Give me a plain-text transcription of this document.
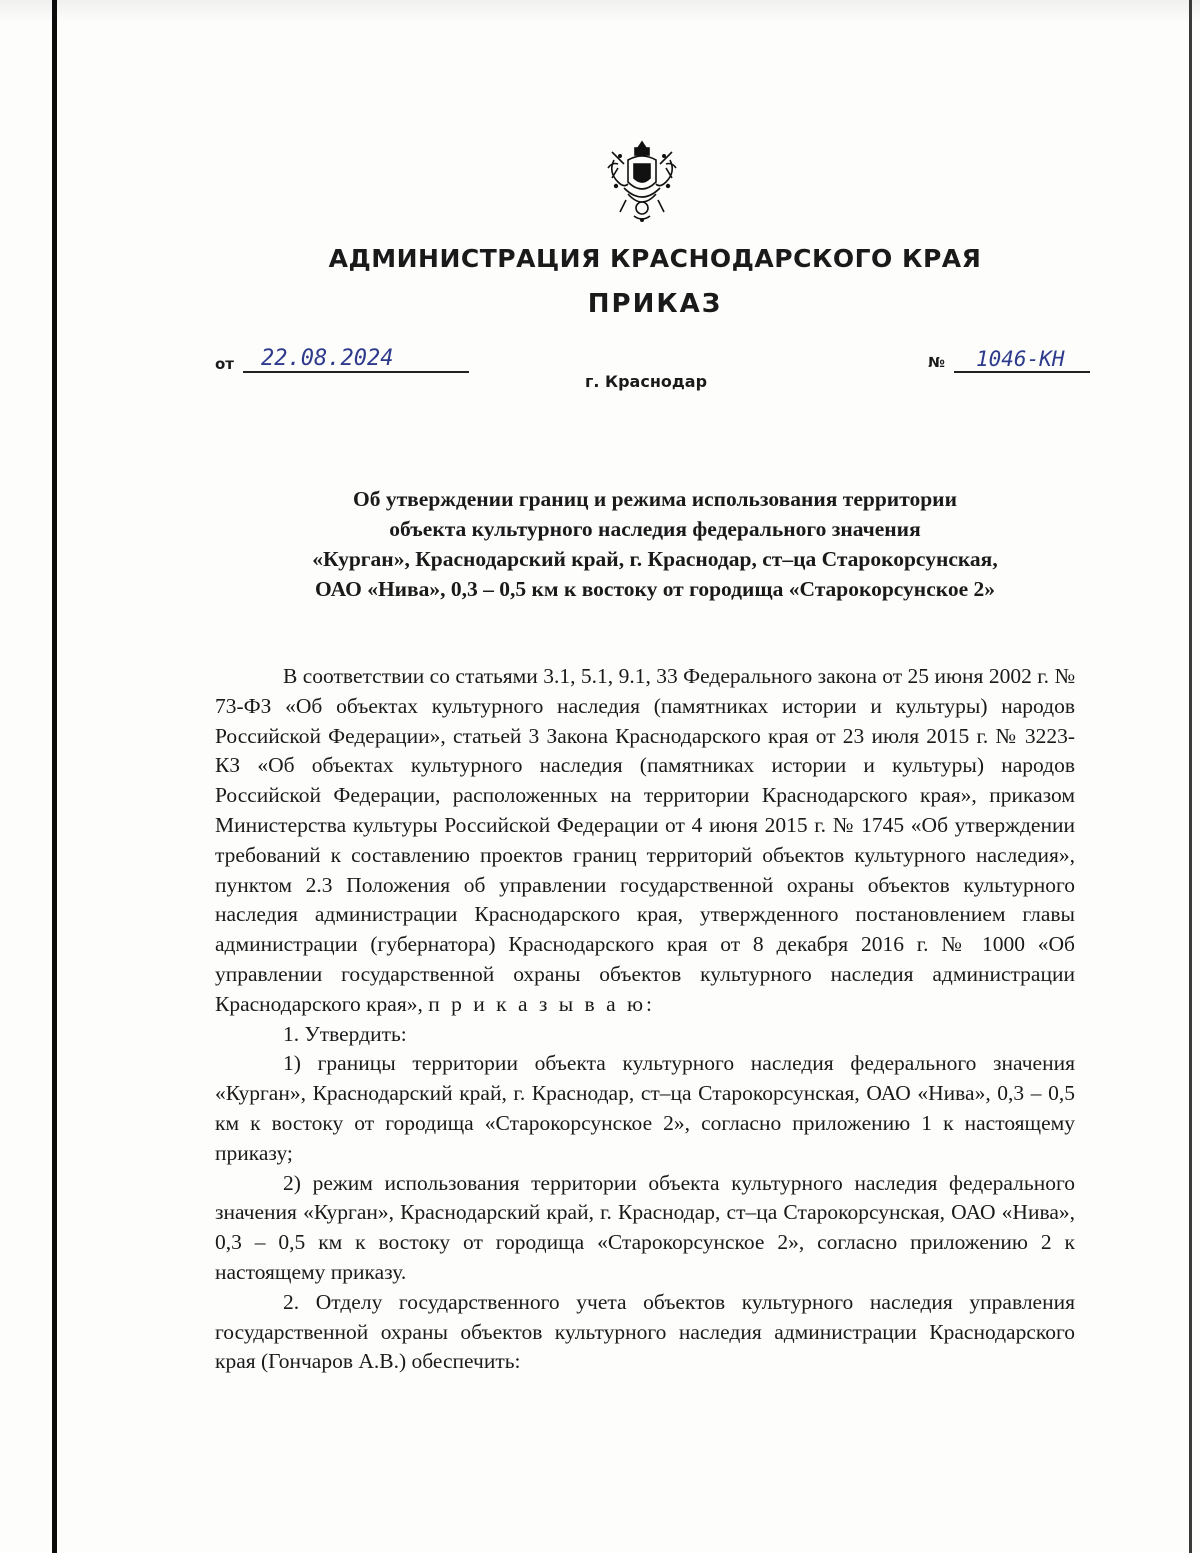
АДМИНИСТРАЦИЯ КРАСНОДАРСКОГО КРАЯ
ПРИКАЗ
от	22.08.2024
г. Краснодар
№	1046-КН
Об утверждении границ и режима использования территории
объекта культурного наследия федерального значения
«Курган», Краснодарский край, г. Краснодар, ст–ца Старокорсунская,
ОАО «Нива», 0,3 – 0,5 км к востоку от городища «Старокорсунское 2»

В соответствии со статьями 3.1, 5.1, 9.1, 33 Федерального закона от 25 июня 2002 г. № 73-ФЗ «Об объектах культурного наследия (памятниках истории и культуры) народов Российской Федерации», статьей 3 Закона Краснодарского края от 23 июля 2015 г. № 3223-КЗ «Об объектах культурного наследия (памятниках истории и культуры) народов Российской Федерации, расположенных на территории Краснодарского края», приказом Министерства культуры Российской Федерации от 4 июня 2015 г. № 1745 «Об утверждении требований к составлению проектов границ территорий объектов культурного наследия», пунктом 2.3 Положения об управлении государственной охраны объектов культурного наследия администрации Краснодарского края, утвержденного постановлением главы администрации (губернатора) Краснодарского края от 8 декабря 2016 г. № 1000 «Об управлении государственной охраны объектов культурного наследия администрации Краснодарского края», п р и к а з ы в а ю:

1. Утвердить:

1) границы территории объекта культурного наследия федерального значения «Курган», Краснодарский край, г. Краснодар, ст–ца Старокорсунская, ОАО «Нива», 0,3 – 0,5 км к востоку от городища «Старокорсунское 2», согласно приложению 1 к настоящему приказу;

2) режим использования территории объекта культурного наследия федерального значения «Курган», Краснодарский край, г. Краснодар, ст–ца Старокорсунская, ОАО «Нива», 0,3 – 0,5 км к востоку от городища «Старокорсунское 2», согласно приложению 2 к настоящему приказу.

2. Отделу государственного учета объектов культурного наследия управления государственной охраны объектов культурного наследия администрации Краснодарского края (Гончаров А.В.) обеспечить:
